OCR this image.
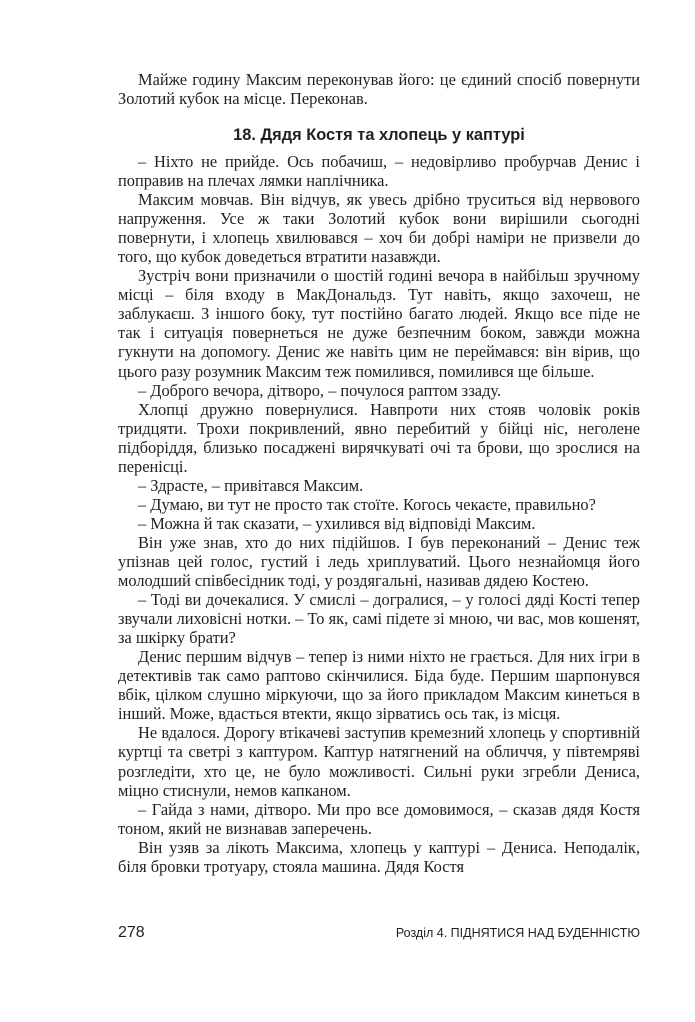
Майже годину Максим переконував його: це єдиний спосіб повернути Золотий кубок на місце. Переконав.

18. Дядя Костя та хлопець у каптурі

– Ніхто не прийде. Ось побачиш, – недовірливо пробурчав Денис і поправив на плечах лямки наплічника.

Максим мовчав. Він відчув, як увесь дрібно труситься від нервового напруження. Усе ж таки Золотий кубок вони вирішили сьогодні повернути, і хлопець хвилювався – хоч би добрі наміри не призвели до того, що кубок доведеться втратити назавжди.

Зустріч вони призначили о шостій годині вечора в найбільш зручному місці – біля входу в МакДональдз. Тут навіть, якщо захочеш, не заблукаєш. З іншого боку, тут постійно багато людей. Якщо все піде не так і ситуація повернеться не дуже безпечним боком, завжди можна гукнути на допомогу. Денис же навіть цим не переймався: він вірив, що цього разу розумник Максим теж помилився, помилився ще більше.

– Доброго вечора, дітворо, – почулося раптом ззаду.

Хлопці дружно повернулися. Навпроти них стояв чоловік років тридцяти. Трохи покривлений, явно перебитий у бійці ніс, неголене підборіддя, близько посаджені вирячкуваті очі та брови, що зрослися на перенісці.

– Здрасте, – привітався Максим.

– Думаю, ви тут не просто так стоїте. Когось чекаєте, правильно?

– Можна й так сказати, – ухилився від відповіді Максим.

Він уже знав, хто до них підійшов. І був переконаний – Денис теж упізнав цей голос, густий і ледь хриплуватий. Цього незнайомця його молодший співбесідник тоді, у роздягальні, називав дядею Костею.

– Тоді ви дочекалися. У смислі – догралися, – у голосі дяді Кості тепер звучали лиховісні нотки. – То як, самі підете зі мною, чи вас, мов кошенят, за шкірку брати?

Денис першим відчув – тепер із ними ніхто не грається. Для них ігри в детективів так само раптово скінчилися. Біда буде. Першим шарпонувся вбік, цілком слушно міркуючи, що за його прикладом Максим кинеться в інший. Може, вдасться втекти, якщо зірватись ось так, із місця.

Не вдалося. Дорогу втікачеві заступив кремезний хлопець у спортивній куртці та светрі з каптуром. Каптур натягнений на обличчя, у півтемряві розгледіти, хто це, не було можливості. Сильні руки згребли Дениса, міцно стиснули, немов капканом.

– Гайда з нами, дітворо. Ми про все домовимося, – сказав дядя Костя тоном, який не визнавав заперечень.

Він узяв за лікоть Максима, хлопець у каптурі – Дениса. Неподалік, біля бровки тротуару, стояла машина. Дядя Костя

278	Розділ 4. ПІДНЯТИСЯ НАД БУДЕННІСТЮ
